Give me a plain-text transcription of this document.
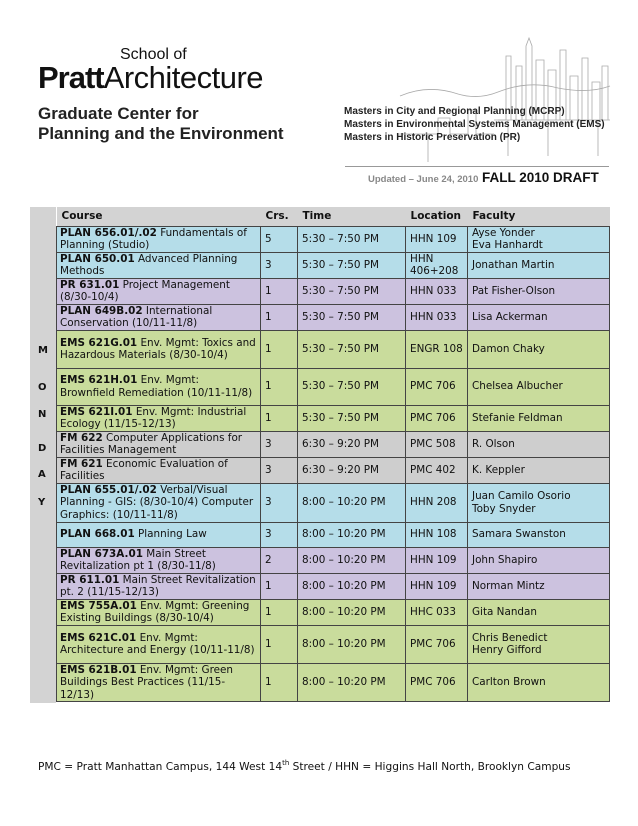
School of
PrattArchitecture
Graduate Center for
Planning and the Environment
Masters in City and Regional Planning (MCRP)
Masters in Environmental Systems Management (EMS)
Masters in Historic Preservation (PR)
Updated – June 24, 2010 FALL 2010 DRAFT
M
O
N
D
A
Y
Course	Crs.	Time	Location	Faculty
PLAN 656.01/.02 Fundamentals of Planning (Studio)	5	5:30 – 7:50 PM	HHN 109	Ayse Yonder
Eva Hanhardt

PLAN 650.01 Advanced Planning Methods	3	5:30 – 7:50 PM	HHN 406+208	Jonathan Martin

PR 631.01 Project Management (8/30-10/4)	1	5:30 – 7:50 PM	HHN 033	Pat Fisher-Olson

PLAN 649B.02 International Conservation (10/11-11/8)	1	5:30 – 7:50 PM	HHN 033	Lisa Ackerman

EMS 621G.01 Env. Mgmt: Toxics and Hazardous Materials (8/30-10/4)	1	5:30 – 7:50 PM	ENGR 108	Damon Chaky

EMS 621H.01 Env. Mgmt: Brownfield Remediation (10/11-11/8)	1	5:30 – 7:50 PM	PMC 706	Chelsea Albucher

EMS 621I.01 Env. Mgmt: Industrial Ecology (11/15-12/13)	1	5:30 – 7:50 PM	PMC 706	Stefanie Feldman

FM 622 Computer Applications for Facilities Management	3	6:30 – 9:20 PM	PMC 508	R. Olson

FM 621 Economic Evaluation of Facilities	3	6:30 – 9:20 PM	PMC 402	K. Keppler

PLAN 655.01/.02 Verbal/Visual Planning - GIS: (8/30-10/4) Computer Graphics: (10/11-11/8)	3	8:00 – 10:20 PM	HHN 208	Juan Camilo Osorio
Toby Snyder

PLAN 668.01 Planning Law	3	8:00 – 10:20 PM	HHN 108	Samara Swanston

PLAN 673A.01 Main Street Revitalization pt 1 (8/30-11/8)	2	8:00 – 10:20 PM	HHN 109	John Shapiro

PR 611.01 Main Street Revitalization pt. 2 (11/15-12/13)	1	8:00 – 10:20 PM	HHN 109	Norman Mintz

EMS 755A.01 Env. Mgmt: Greening Existing Buildings (8/30-10/4)	1	8:00 – 10:20 PM	HHC 033	Gita Nandan

EMS 621C.01 Env. Mgmt: Architecture and Energy (10/11-11/8)	1	8:00 – 10:20 PM	PMC 706	Chris Benedict
Henry Gifford

EMS 621B.01 Env. Mgmt: Green Buildings Best Practices (11/15-12/13)	1	8:00 – 10:20 PM	PMC 706	Carlton Brown
PMC = Pratt Manhattan Campus, 144 West 14th Street / HHN = Higgins Hall North, Brooklyn Campus
